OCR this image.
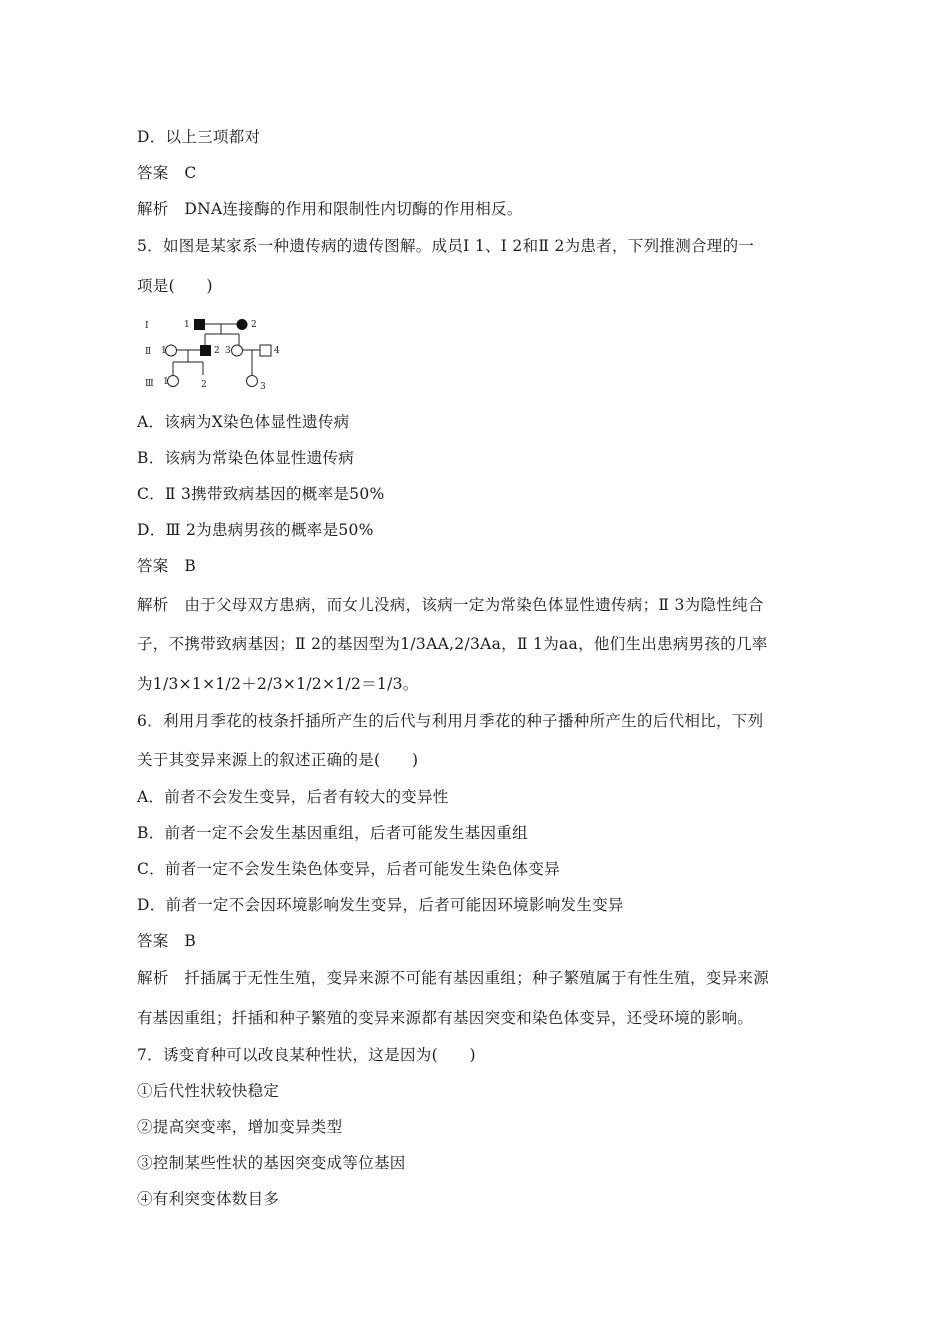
D．以上三项都对
答案　C
解析　DNA连接酶的作用和限制性内切酶的作用相反。
5．如图是某家系一种遗传病的遗传图解。成员Ⅰ 1、Ⅰ 2和Ⅱ 2为患者，下列推测合理的一
项是(　　)
Ⅰ
Ⅱ
Ⅲ
1	2
1	2 3	4
1	2	3
A．该病为X染色体显性遗传病
B．该病为常染色体显性遗传病
C．Ⅱ 3携带致病基因的概率是50%
D．Ⅲ 2为患病男孩的概率是50%
答案　B
解析　由于父母双方患病，而女儿没病，该病一定为常染色体显性遗传病；Ⅱ 3为隐性纯合
子，不携带致病基因；Ⅱ 2的基因型为1/3AA,2/3Aa，Ⅱ 1为aa，他们生出患病男孩的几率
为1/3×1×1/2＋2/3×1/2×1/2＝1/3。
6．利用月季花的枝条扦插所产生的后代与利用月季花的种子播种所产生的后代相比，下列
关于其变异来源上的叙述正确的是(　　)
A．前者不会发生变异，后者有较大的变异性
B．前者一定不会发生基因重组，后者可能发生基因重组
C．前者一定不会发生染色体变异，后者可能发生染色体变异
D．前者一定不会因环境影响发生变异，后者可能因环境影响发生变异
答案　B
解析　扦插属于无性生殖，变异来源不可能有基因重组；种子繁殖属于有性生殖，变异来源
有基因重组；扦插和种子繁殖的变异来源都有基因突变和染色体变异，还受环境的影响。
7．诱变育种可以改良某种性状，这是因为(　　)
①后代性状较快稳定
②提高突变率，增加变异类型
③控制某些性状的基因突变成等位基因
④有利突变体数目多
